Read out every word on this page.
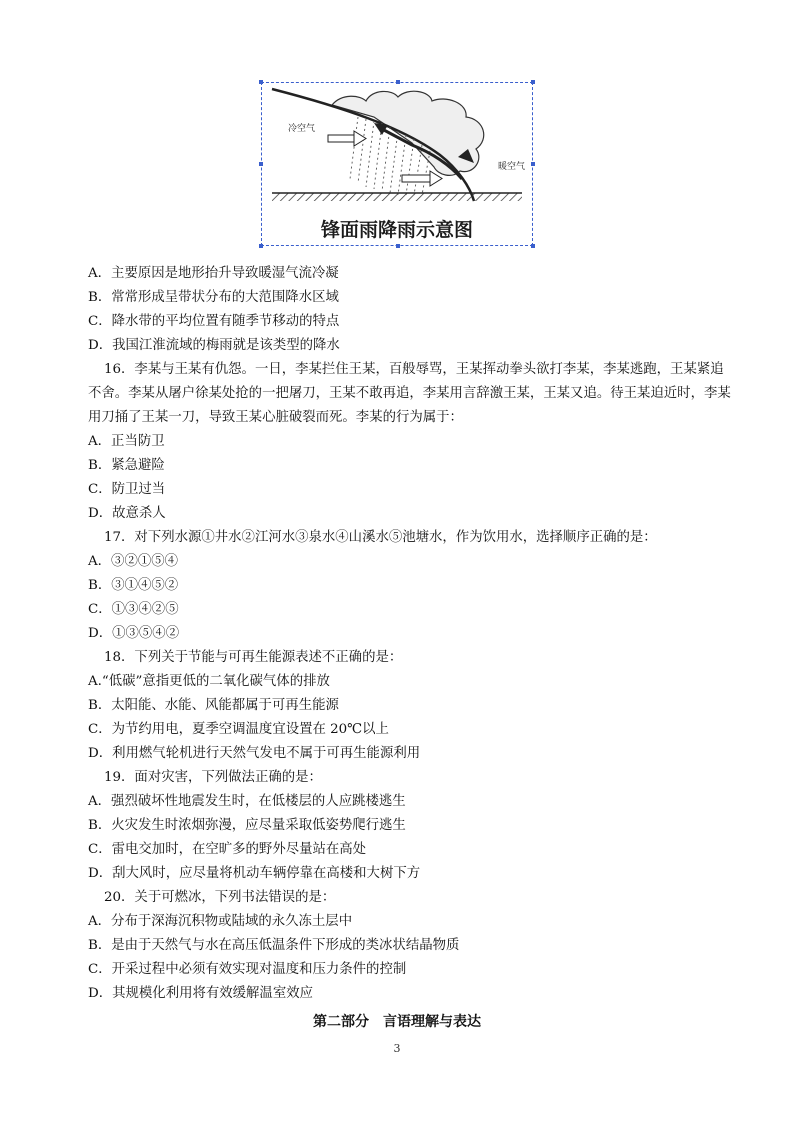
冷空气
暖空气
锋面雨降雨示意图
A．主要原因是地形抬升导致暖湿气流冷凝
B．常常形成呈带状分布的大范围降水区域
C．降水带的平均位置有随季节移动的特点
D．我国江淮流域的梅雨就是该类型的降水
16．李某与王某有仇怨。一日，李某拦住王某，百般辱骂，王某挥动拳头欲打李某，李某逃跑，王某紧追
不舍。李某从屠户徐某处抢的一把屠刀，王某不敢再追，李某用言辞激王某，王某又追。待王某迫近时，李某
用刀捅了王某一刀，导致王某心脏破裂而死。李某的行为属于：
A．正当防卫
B．紧急避险
C．防卫过当
D．故意杀人
17．对下列水源①井水②江河水③泉水④山溪水⑤池塘水，作为饮用水，选择顺序正确的是：
A．③②①⑤④
B．③①④⑤②
C．①③④②⑤
D．①③⑤④②
18．下列关于节能与可再生能源表述不正确的是：
A.“低碳”意指更低的二氧化碳气体的排放
B．太阳能、水能、风能都属于可再生能源
C．为节约用电，夏季空调温度宜设置在 20℃以上
D．利用燃气轮机进行天然气发电不属于可再生能源利用
19．面对灾害，下列做法正确的是：
A．强烈破坏性地震发生时，在低楼层的人应跳楼逃生
B．火灾发生时浓烟弥漫，应尽量采取低姿势爬行逃生
C．雷电交加时，在空旷多的野外尽量站在高处
D．刮大风时，应尽量将机动车辆停靠在高楼和大树下方
20．关于可燃冰，下列书法错误的是：
A．分布于深海沉积物或陆域的永久冻土层中
B．是由于天然气与水在高压低温条件下形成的类冰状结晶物质
C．开采过程中必须有效实现对温度和压力条件的控制
D．其规模化利用将有效缓解温室效应
第二部分　言语理解与表达
3
